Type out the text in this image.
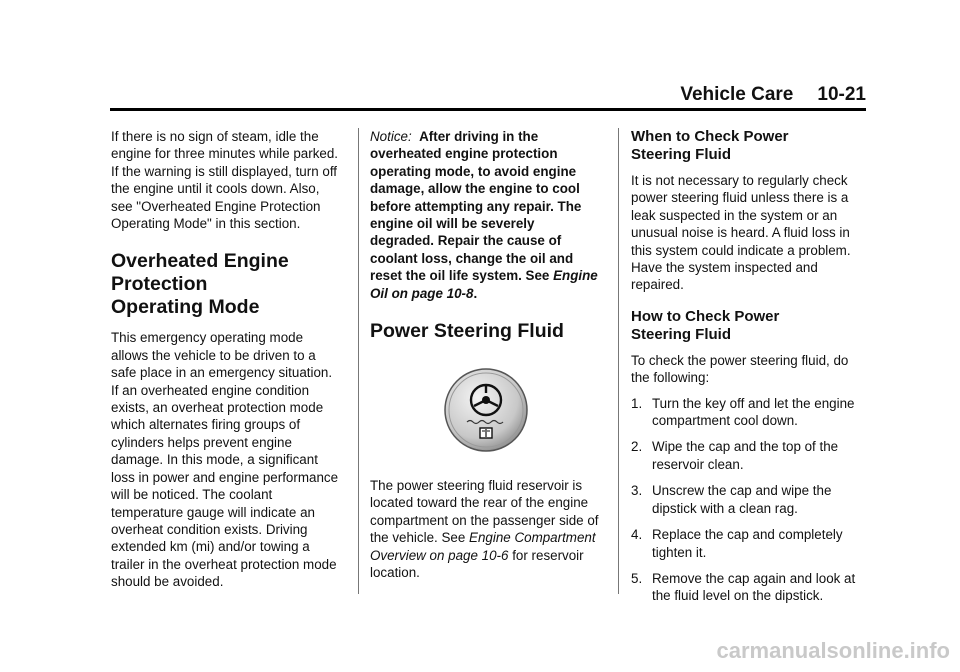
Vehicle Care 10-21

If there is no sign of steam, idle the engine for three minutes while parked. If the warning is still displayed, turn off the engine until it cools down. Also, see "Overheated Engine Protection Operating Mode" in this section.

Overheated Engine
Protection
Operating Mode

This emergency operating mode allows the vehicle to be driven to a safe place in an emergency situation. If an overheated engine condition exists, an overheat protection mode which alternates firing groups of cylinders helps prevent engine damage. In this mode, a significant loss in power and engine performance will be noticed. The coolant temperature gauge will indicate an overheat condition exists. Driving extended km (mi) and/or towing a trailer in the overheat protection mode should be avoided.

Notice: After driving in the overheated engine protection operating mode, to avoid engine damage, allow the engine to cool before attempting any repair. The engine oil will be severely degraded. Repair the cause of coolant loss, change the oil and reset the oil life system. See Engine Oil on page 10-8.

Power Steering Fluid

The power steering fluid reservoir is located toward the rear of the engine compartment on the passenger side of the vehicle. See Engine Compartment Overview on page 10-6 for reservoir location.

When to Check Power
Steering Fluid

It is not necessary to regularly check power steering fluid unless there is a leak suspected in the system or an unusual noise is heard. A fluid loss in this system could indicate a problem. Have the system inspected and repaired.

How to Check Power
Steering Fluid

To check the power steering fluid, do the following:

1. Turn the key off and let the engine compartment cool down.
2. Wipe the cap and the top of the reservoir clean.
3. Unscrew the cap and wipe the dipstick with a clean rag.
4. Replace the cap and completely tighten it.
5. Remove the cap again and look at the fluid level on the dipstick.
carmanualsonline.info
